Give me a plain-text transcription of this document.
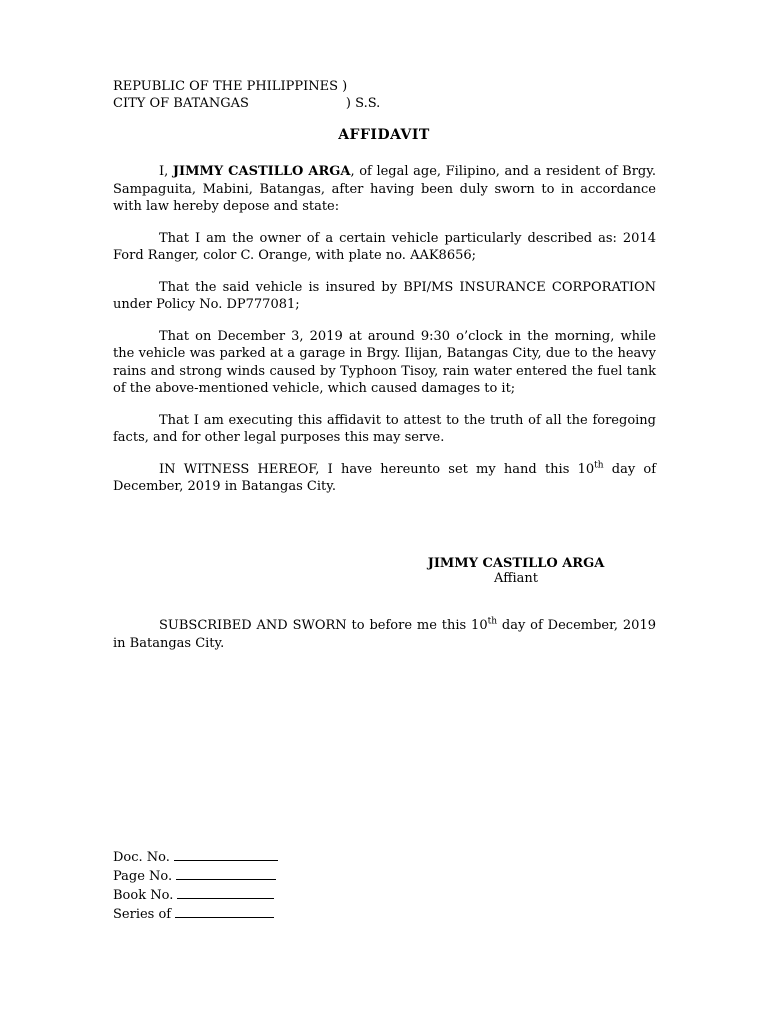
REPUBLIC OF THE PHILIPPINES )
CITY OF BATANGAS	) S.S.
AFFIDAVIT

I, JIMMY CASTILLO ARGA, of legal age, Filipino, and a resident of Brgy. Sampaguita, Mabini, Batangas, after having been duly sworn to in accordance with law hereby depose and state:

That I am the owner of a certain vehicle particularly described as: 2014 Ford Ranger, color C. Orange, with plate no. AAK8656;

That the said vehicle is insured by BPI/MS INSURANCE CORPORATION under Policy No. DP777081;

That on December 3, 2019 at around 9:30 o’clock in the morning, while the vehicle was parked at a garage in Brgy. Ilijan, Batangas City, due to the heavy rains and strong winds caused by Typhoon Tisoy, rain water entered the fuel tank of the above-mentioned vehicle, which caused damages to it;

That I am executing this affidavit to attest to the truth of all the foregoing facts, and for other legal purposes this may serve.

IN WITNESS HEREOF, I have hereunto set my hand this 10th day of December, 2019 in Batangas City.

JIMMY CASTILLO ARGA
Affiant

SUBSCRIBED AND SWORN to before me this 10th day of December, 2019 in Batangas City.

Doc. No.
Page No.
Book No.
Series of
